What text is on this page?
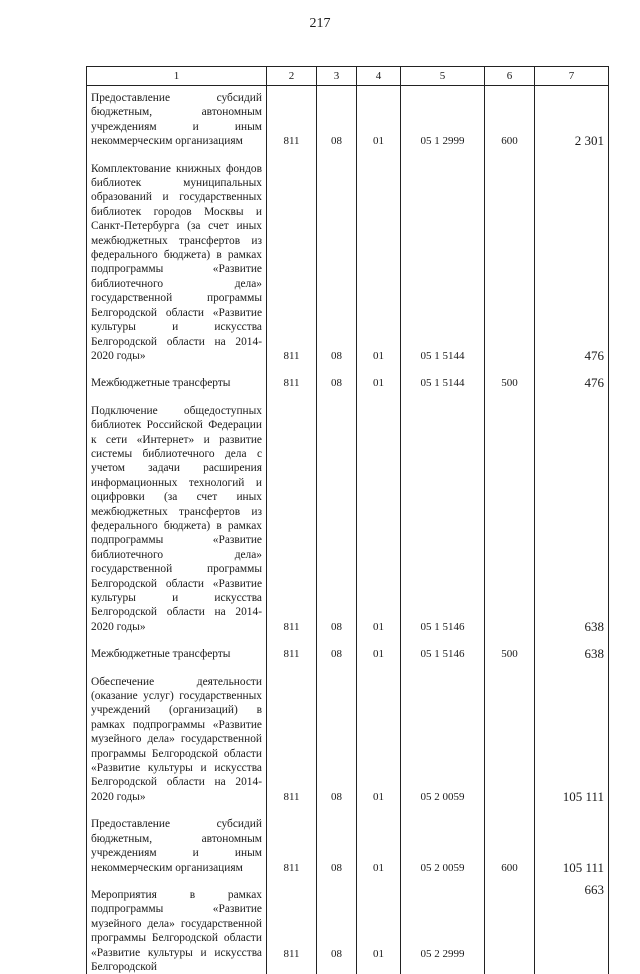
217
1	2	3	4	5	6	7
Предоставление субсидий бюджетным, автономным учреждениям и иным некоммерческим организациям	811	08	01	05 1 2999	600	2 301
Комплектование книжных фондов библиотек муниципальных образований и государственных библиотек городов Москвы и Санкт-Петербурга (за счет иных межбюджетных трансфертов из федерального бюджета) в рамках подпрограммы «Развитие библиотечного дела» государственной программы Белгородской области «Развитие культуры и искусства Белгородской области на 2014-2020 годы»	811	08	01	05 1 5144		476
Межбюджетные трансферты	811	08	01	05 1 5144	500	476
Подключение общедоступных библиотек Российской Федерации к сети «Интернет» и развитие системы библиотечного дела с учетом задачи расширения информационных технологий и оцифровки (за счет иных межбюджетных трансфертов из федерального бюджета) в рамках подпрограммы «Развитие библиотечного дела» государственной программы Белгородской области «Развитие культуры и искусства Белгородской области на 2014-2020 годы»	811	08	01	05 1 5146		638
Межбюджетные трансферты	811	08	01	05 1 5146	500	638
Обеспечение деятельности (оказание услуг) государственных учреждений (организаций) в рамках подпрограммы «Развитие музейного дела» государственной программы Белгородской области «Развитие культуры и искусства Белгородской области на 2014-2020 годы»	811	08	01	05 2 0059		105 111
Предоставление субсидий бюджетным, автономным учреждениям и иным некоммерческим организациям	811	08	01	05 2 0059	600	105 111
Мероприятия в рамках подпрограммы «Развитие музейного дела» государственной программы Белгородской области «Развитие культуры и искусства Белгородской	811	08	01	05 2 2999		663
